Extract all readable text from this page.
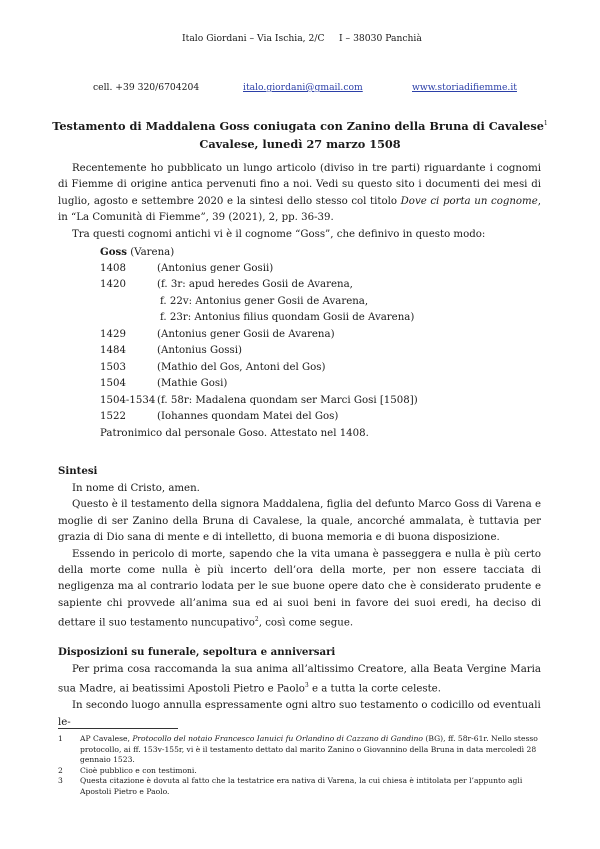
Italo Giordani – Via Ischia, 2/C I – 38030 Panchià
cell. +39 320/6704204	italo.giordani@gmail.com	www.storiadifiemme.it
Testamento di Maddalena Goss coniugata con Zanino della Bruna di Cavalese$^1$
Cavalese, lunedì 27 marzo 1508

Recentemente ho pubblicato un lungo articolo (diviso in tre parti) riguardante i cognomi di Fiemme di origine antica pervenuti fino a noi. Vedi su questo sito i documenti dei mesi di luglio, agosto e settembre 2020 e la sintesi dello stesso col titolo Dove ci porta un cognome, in “La Comunità di Fiemme”, 39 (2021), 2, pp. 36-39.

Tra questi cognomi antichi vi è il cognome “Goss”, che definivo in questo modo:

Goss (Varena)
1408	(Antonius gener Gosii)
1420	(f. 3r: apud heredes Gosii de Avarena,
f. 22v: Antonius gener Gosii de Avarena,
f. 23r: Antonius filius quondam Gosii de Avarena)
1429	(Antonius gener Gosii de Avarena)
1484	(Antonius Gossi)
1503	(Mathio del Gos, Antoni del Gos)
1504	(Mathie Gosi)
1504-1534 (f. 58r: Madalena quondam ser Marci Gosi [1508])
1522	(Iohannes quondam Matei del Gos)
Patronimico dal personale Goso. Attestato nel 1408.
Sintesi

In nome di Cristo, amen.

Questo è il testamento della signora Maddalena, figlia del defunto Marco Goss di Varena e moglie di ser Zanino della Bruna di Cavalese, la quale, ancorché ammalata, è tuttavia per grazia di Dio sana di mente e di intelletto, di buona memoria e di buona disposizione.

Essendo in pericolo di morte, sapendo che la vita umana è passeggera e nulla è più certo della morte come nulla è più incerto dell’ora della morte, per non essere tacciata di negligenza ma al contrario lodata per le sue buone opere dato che è considerato prudente e sapiente chi provvede all’anima sua ed ai suoi beni in favore dei suoi eredi, ha deciso di dettare il suo testamento nuncupativo$^2$, così come segue.

Disposizioni su funerale, sepoltura e anniversari

Per prima cosa raccomanda la sua anima all’altissimo Creatore, alla Beata Vergine Maria sua Madre, ai beatissimi Apostoli Pietro e Paolo$^3$ e a tutta la corte celeste.

In secondo luogo annulla espressamente ogni altro suo testamento o codicillo od eventuali le-

1 AP Cavalese, Protocollo del notaio Francesco Ianuici fu Orlandino di Cazzano di Gandino (BG), ff. 58r-61r. Nello stesso protocollo, ai ff. 153v-155r, vi è il testamento dettato dal marito Zanino o Giovannino della Bruna in data mercoledì 28 gennaio 1523.
2 Cioè pubblico e con testimoni.
3 Questa citazione è dovuta al fatto che la testatrice era nativa di Varena, la cui chiesa è intitolata per l’appunto agli Apostoli Pietro e Paolo.
